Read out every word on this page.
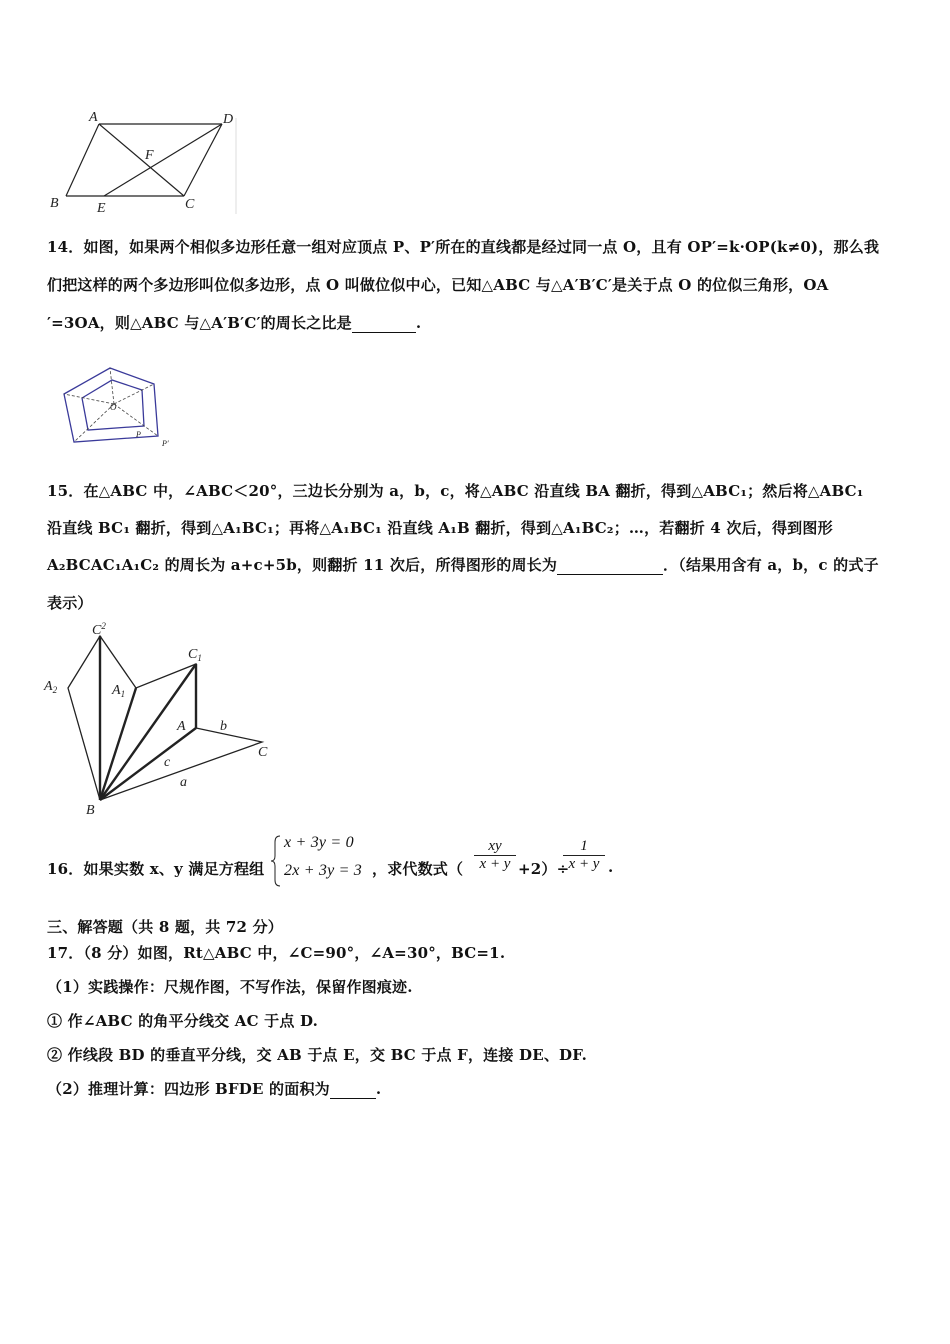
A	D
F
B	E	C
14．如图，如果两个相似多边形任意一组对应顶点 P、P′所在的直线都是经过同一点 O，且有 OP′=k·OP(k≠0)，那么我
们把这样的两个多边形叫位似多边形，点 O 叫做位似中心，已知△ABC 与△A′B′C′是关于点 O 的位似三角形，OA
′=3OA，则△ABC 与△A′B′C′的周长之比是	.
O
P
P′
15．在△ABC 中，∠ABC＜20°，三边长分别为 a，b，c，将△ABC 沿直线 BA 翻折，得到△ABC₁；然后将△ABC₁
沿直线 BC₁ 翻折，得到△A₁BC₁；再将△A₁BC₁ 沿直线 A₁B 翻折，得到△A₁BC₂；…，若翻折 4 次后，得到图形
A₂BCAC₁A₁C₂ 的周长为 a+c+5b，则翻折 11 次后，所得图形的周长为	．（结果用含有 a，b，c 的式子
表示）
$C^2$
$C_1$
$A_2$	$A_1$
A b
C
c
a
B
16．如果实数 x、y 满足方程组
x + 3y = 0
2x + 3y = 3 ，求代数式（ $\frac{xy}{x + y} +2)\div$
$\frac{1}{x + y}$ .
三、解答题（共 8 题，共 72 分）
17．（8 分）如图，Rt△ABC 中，∠C=90°，∠A=30°，BC=1.
（1）实践操作：尺规作图，不写作法，保留作图痕迹.
① 作∠ABC 的角平分线交 AC 于点 D.
② 作线段 BD 的垂直平分线，交 AB 于点 E，交 BC 于点 F，连接 DE、DF.
（2）推理计算：四边形 BFDE 的面积为	.
